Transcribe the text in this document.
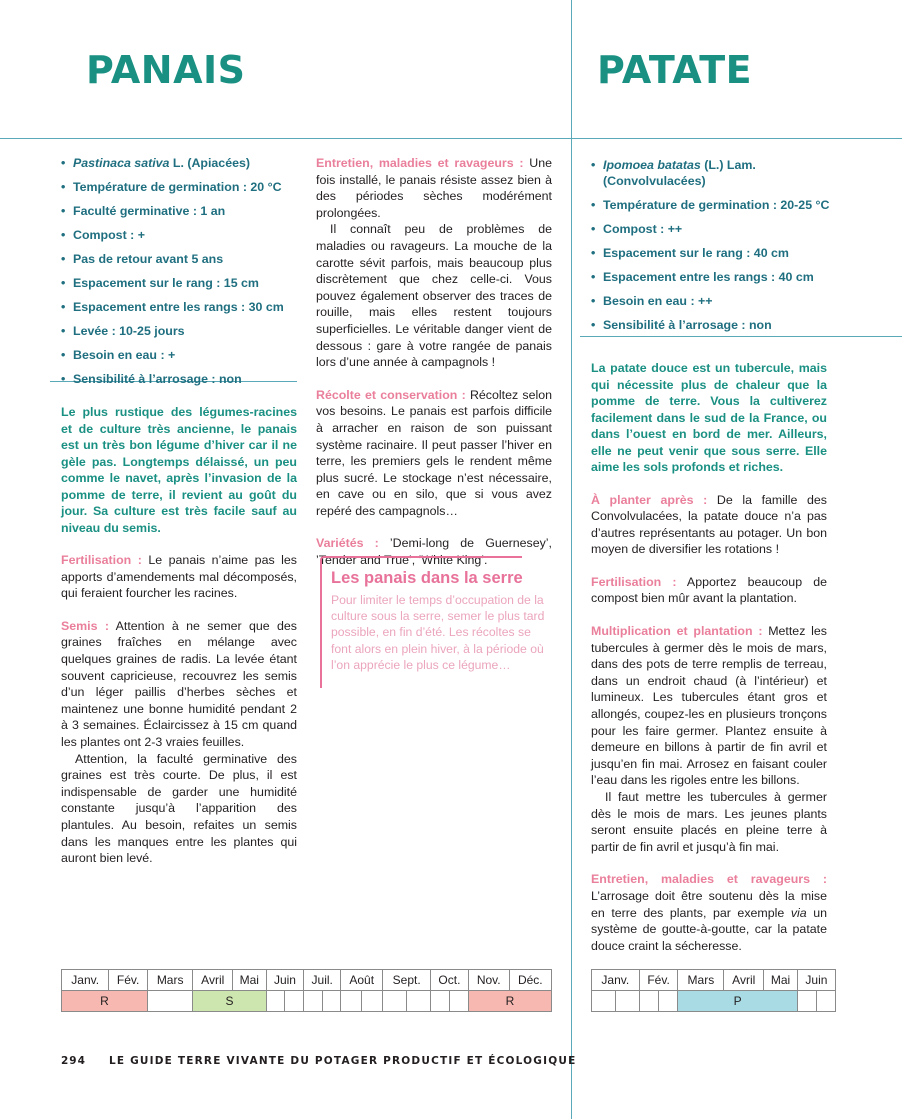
PANAIS	PATATE
• Pastinaca sativa L. (Apiacées)
• Température de germination : 20 °C
• Faculté germinative : 1 an
• Compost : +
• Pas de retour avant 5 ans
• Espacement sur le rang : 15 cm
• Espacement entre les rangs : 30 cm
• Levée : 10-25 jours
• Besoin en eau : +
• Sensibilité à l’arrosage : non

Le plus rustique des légumes-racines et de culture très ancienne, le panais est un très bon légume d’hiver car il ne gèle pas. Longtemps délaissé, un peu comme le navet, après l’invasion de la pomme de terre, il revient au goût du jour. Sa culture est très facile sauf au niveau du semis.

Fertilisation : Le panais n’aime pas les apports d’amendements mal décomposés, qui feraient fourcher les racines.

Semis : Attention à ne semer que des graines fraîches en mélange avec quelques graines de radis. La levée étant souvent capricieuse, recouvrez les semis d’un léger paillis d’herbes sèches et maintenez une bonne humidité pendant 2 à 3 semaines. Éclaircissez à 15 cm quand les plantes ont 2-3 vraies feuilles.

Attention, la faculté germinative des graines est très courte. De plus, il est indispensable de garder une humidité constante jusqu’à l’apparition des plantules. Au besoin, refaites un semis dans les manques entre les plantes qui auront bien levé.

Entretien, maladies et ravageurs : Une fois installé, le panais résiste assez bien à des périodes sèches modérément prolongées.

Il connaît peu de problèmes de maladies ou ravageurs. La mouche de la carotte sévit parfois, mais beaucoup plus discrètement que chez celle-ci. Vous pouvez également observer des traces de rouille, mais elles restent toujours superficielles. Le véritable danger vient de dessous : gare à votre rangée de panais lors d’une année à campagnols !

Récolte et conservation : Récoltez selon vos besoins. Le panais est parfois difficile à arracher en raison de son puissant système racinaire. Il peut passer l’hiver en terre, les premiers gels le rendent même plus sucré. Le stockage n’est nécessaire, en cave ou en silo, que si vous avez repéré des campagnols…

Variétés : ’Demi-long de Guernesey’, ’Tender and True’, ’White King’.

Les panais dans la serre

Pour limiter le temps d’occupation de la culture sous la serre, semer le plus tard possible, en fin d’été. Les récoltes se font alors en plein hiver, à la période où l’on apprécie le plus ce légume…

• Ipomoea batatas (L.) Lam. (Convolvulacées)
• Température de germination : 20-25 °C
• Compost : ++
• Espacement sur le rang : 40 cm
• Espacement entre les rangs : 40 cm
• Besoin en eau : ++
• Sensibilité à l’arrosage : non

La patate douce est un tubercule, mais qui nécessite plus de chaleur que la pomme de terre. Vous la cultiverez facilement dans le sud de la France, ou dans l’ouest en bord de mer. Ailleurs, elle ne peut venir que sous serre. Elle aime les sols profonds et riches.

À planter après : De la famille des Convolvulacées, la patate douce n’a pas d’autres représentants au potager. Un bon moyen de diversifier les rotations !

Fertilisation : Apportez beaucoup de compost bien mûr avant la plantation.

Multiplication et plantation : Mettez les tubercules à germer dès le mois de mars, dans des pots de terre remplis de terreau, dans un endroit chaud (à l’intérieur) et lumineux. Les tubercules étant gros et allongés, coupez-les en plusieurs tronçons pour les faire germer. Plantez ensuite à demeure en billons à partir de fin avril et jusqu’en fin mai. Arrosez en faisant couler l’eau dans les rigoles entre les billons.

Il faut mettre les tubercules à germer dès le mois de mars. Les jeunes plants seront ensuite placés en pleine terre à partir de fin avril et jusqu’à fin mai.

Entretien, maladies et ravageurs : L’arrosage doit être soutenu dès la mise en terre des plants, par exemple via un système de goutte-à-goutte, car la patate douce craint la sécheresse.

Janv.	Fév.	Mars	Avril	Mai	Juin		Juil.		Août		Sept.		Oct.		Nov.	Déc.
R			S												R	
Janv.		Fév.		Mars	Avril	Mai	Juin	
				P				
294 LE GUIDE TERRE VIVANTE DU POTAGER PRODUCTIF ET ÉCOLOGIQUE
